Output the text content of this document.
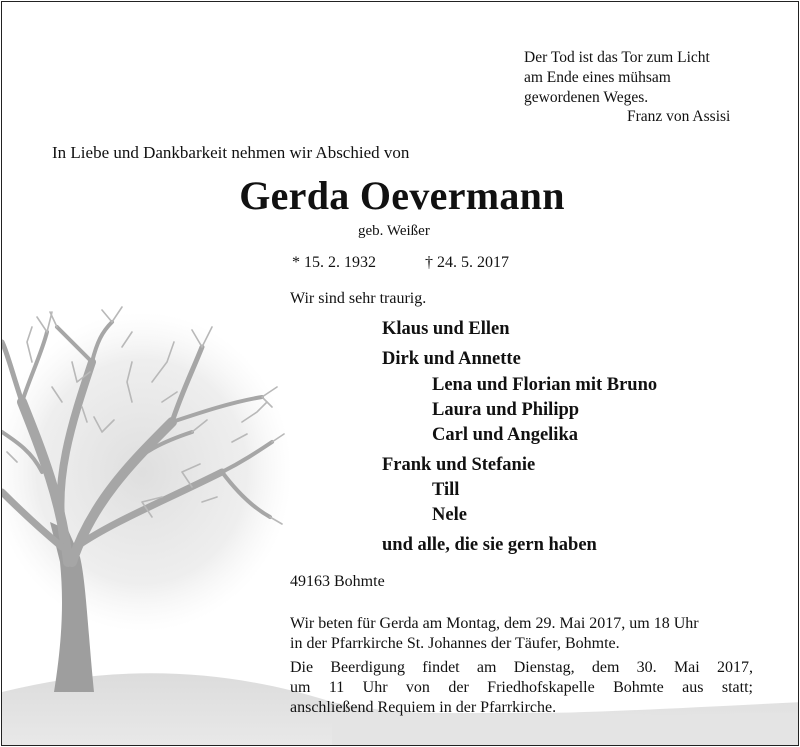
Der Tod ist das Tor zum Licht
am Ende eines mühsam
gewordenen Weges.
Franz von Assisi
In Liebe und Dankbarkeit nehmen wir Abschied von
Gerda Oevermann
geb. Weißer
* 15. 2. 1932	† 24. 5. 2017
Wir sind sehr traurig.
Klaus und Ellen
Dirk und Annette
Lena und Florian mit Bruno
Laura und Philipp
Carl und Angelika
Frank und Stefanie
Till
Nele
und alle, die sie gern haben
49163 Bohmte
Wir beten für Gerda am Montag, dem 29. Mai 2017, um 18 Uhr
in der Pfarrkirche St. Johannes der Täufer, Bohmte.
Die Beerdigung findet am Dienstag, dem 30. Mai 2017,
um 11 Uhr von der Friedhofskapelle Bohmte aus statt;
anschließend Requiem in der Pfarrkirche.
